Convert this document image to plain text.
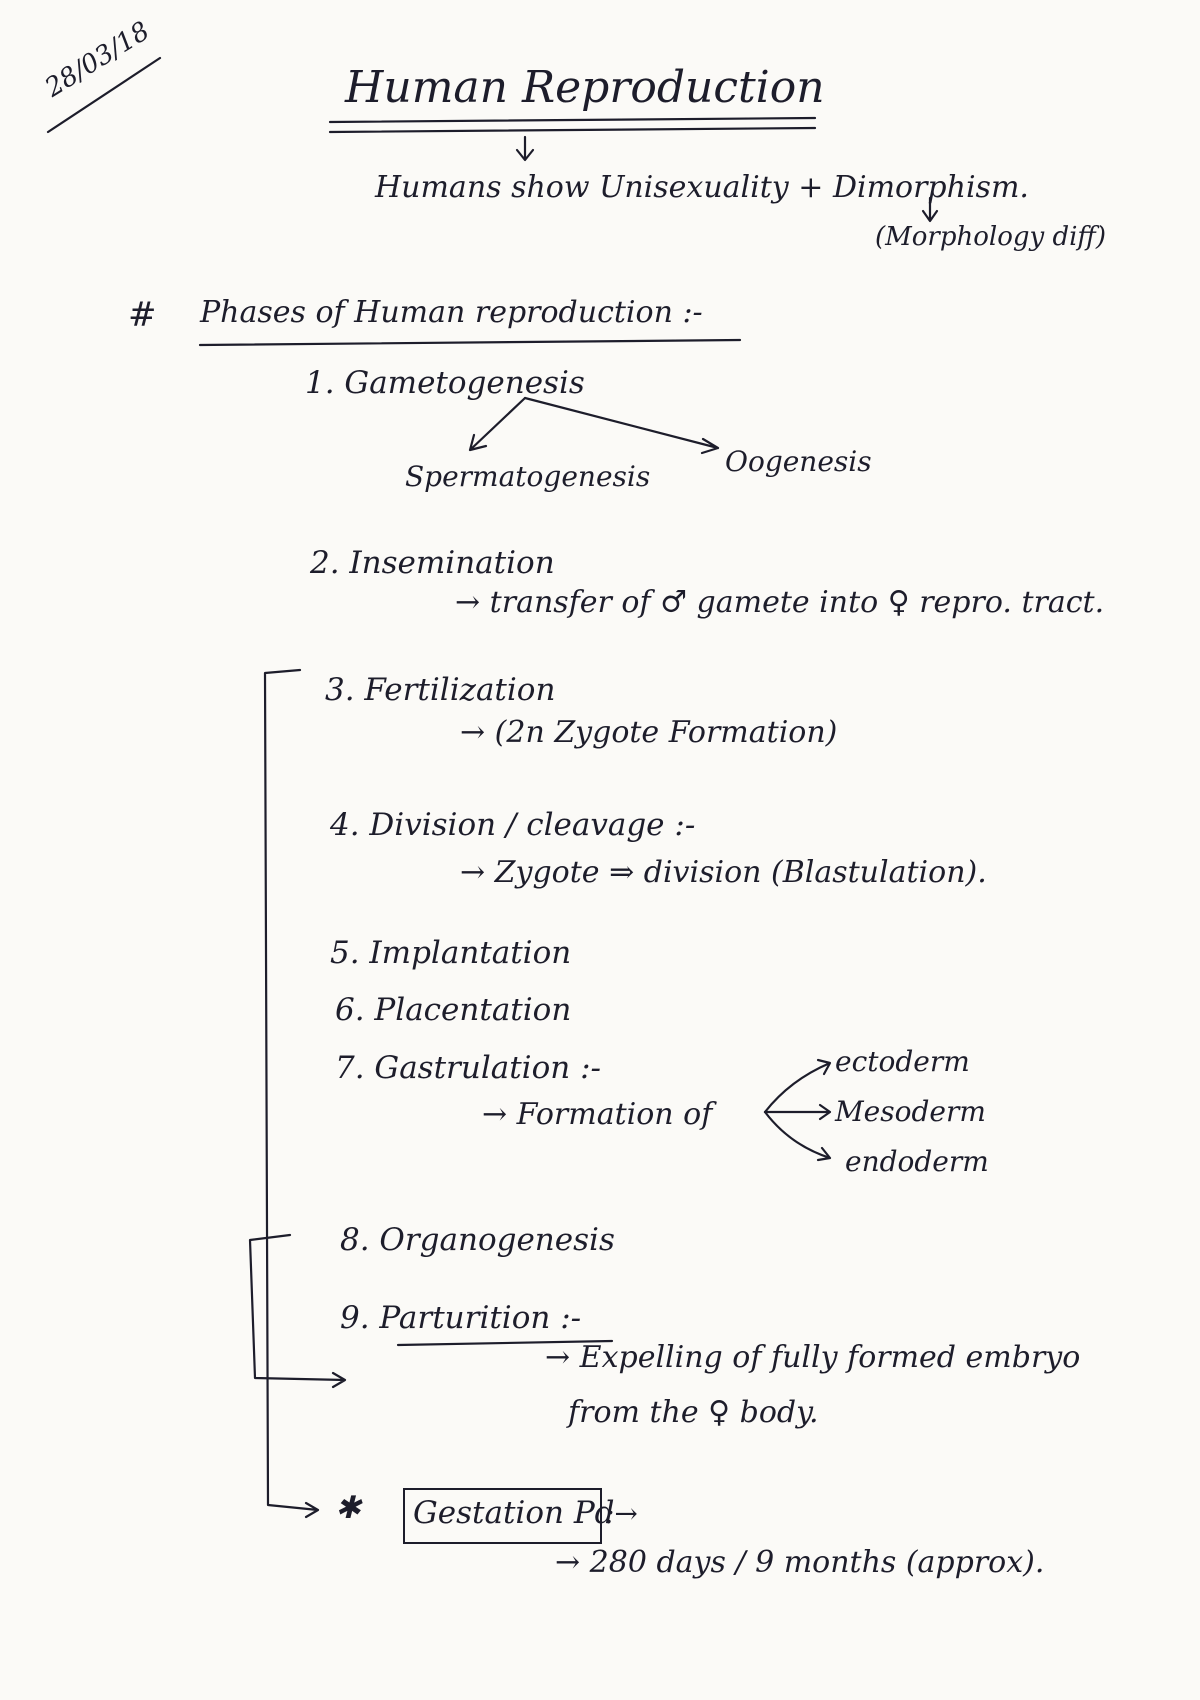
28/03/18	Human Reproduction
Humans show Unisexuality + Dimorphism.
(Morphology diff)
# Phases of Human reproduction :-
1. Gametogenesis
Spermatogenesis	Oogenesis
2. Insemination
→ transfer of ♂ gamete into ♀ repro. tract.
3. Fertilization
→ (2n Zygote Formation)
4. Division / cleavage :-
→ Zygote ⇒ division (Blastulation).
5. Implantation
6. Placentation
7. Gastrulation :-
→ Formation of
ectoderm
Mesoderm
endoderm
8. Organogenesis
9. Parturition :-
→ Expelling of fully formed embryo
from the ♀ body.
✱ Gestation Pd
:→
→ 280 days / 9 months (approx).
